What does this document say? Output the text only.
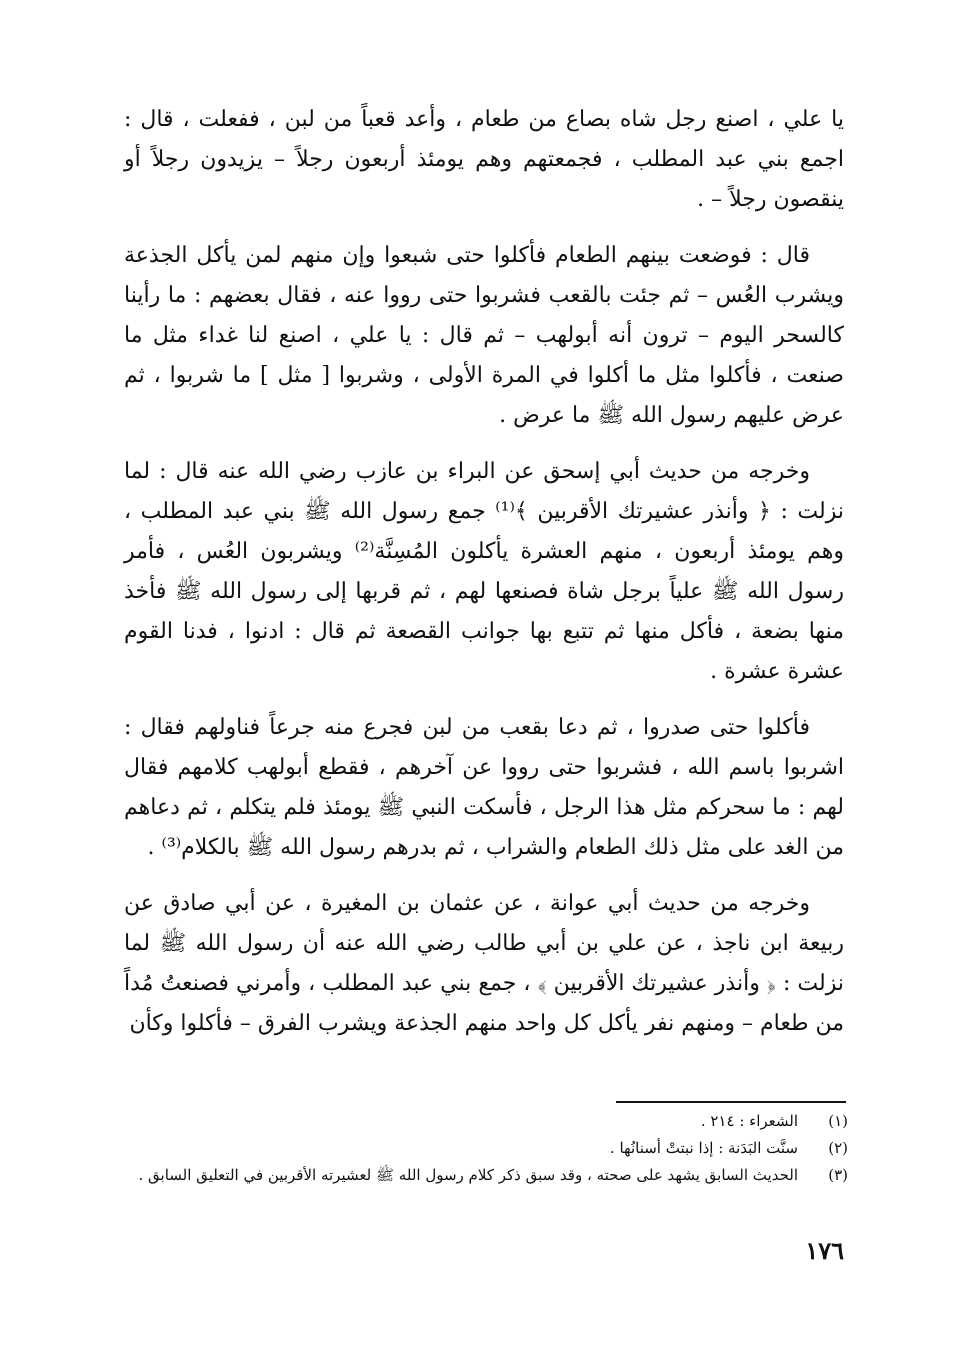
يا علي ، اصنع رجل شاه بصاع من طعام ، وأعد قعباً من لبن ، ففعلت ، قال : اجمع بني عبد المطلب ، فجمعتهم وهم يومئذ أربعون رجلاً – يزيدون رجلاً أو ينقصون رجلاً – .

قال : فوضعت بينهم الطعام فأكلوا حتى شبعوا وإن منهم لمن يأكل الجذعة ويشرب العُس – ثم جئت بالقعب فشربوا حتى رووا عنه ، فقال بعضهم : ما رأينا كالسحر اليوم – ترون أنه أبولهب – ثم قال : يا علي ، اصنع لنا غداء مثل ما صنعت ، فأكلوا مثل ما أكلوا في المرة الأولى ، وشربوا [ مثل ] ما شربوا ، ثم عرض عليهم رسول الله ﷺ ما عرض .

وخرجه من حديث أبي إسحق عن البراء بن عازب رضي الله عنه قال : لما نزلت : ﴿ وأنذر عشيرتك الأقربين ﴾⁽¹⁾ جمع رسول الله ﷺ بني عبد المطلب ، وهم يومئذ أربعون ، منهم العشرة يأكلون المُسِنَّة⁽²⁾ ويشربون العُس ، فأمر رسول الله ﷺ علياً برجل شاة فصنعها لهم ، ثم قربها إلى رسول الله ﷺ فأخذ منها بضعة ، فأكل منها ثم تتبع بها جوانب القصعة ثم قال : ادنوا ، فدنا القوم عشرة عشرة .

فأكلوا حتى صدروا ، ثم دعا بقعب من لبن فجرع منه جرعاً فناولهم فقال : اشربوا باسم الله ، فشربوا حتى رووا عن آخرهم ، فقطع أبولهب كلامهم فقال لهم : ما سحركم مثل هذا الرجل ، فأسكت النبي ﷺ يومئذ فلم يتكلم ، ثم دعاهم من الغد على مثل ذلك الطعام والشراب ، ثم بدرهم رسول الله ﷺ بالكلام⁽³⁾ .

وخرجه من حديث أبي عوانة ، عن عثمان بن المغيرة ، عن أبي صادق عن ربيعة ابن ناجذ ، عن علي بن أبي طالب رضي الله عنه أن رسول الله ﷺ لما نزلت : ﴿ وأنذر عشيرتك الأقربين ﴾ ، جمع بني عبد المطلب ، وأمرني فصنعتُ مُداً من طعام – ومنهم نفر يأكل كل واحد منهم الجذعة ويشرب الفرق – فأكلوا وكأن

(١)
الشعراء : ٢١٤ .
(٢)
سنَّت البَدَنة : إذا نبتتْ أسنانُها .
(٣)
الحديث السابق يشهد على صحته ، وقد سبق ذكر كلام رسول الله ﷺ لعشيرته الأقربين في التعليق السابق .
١٧٦
